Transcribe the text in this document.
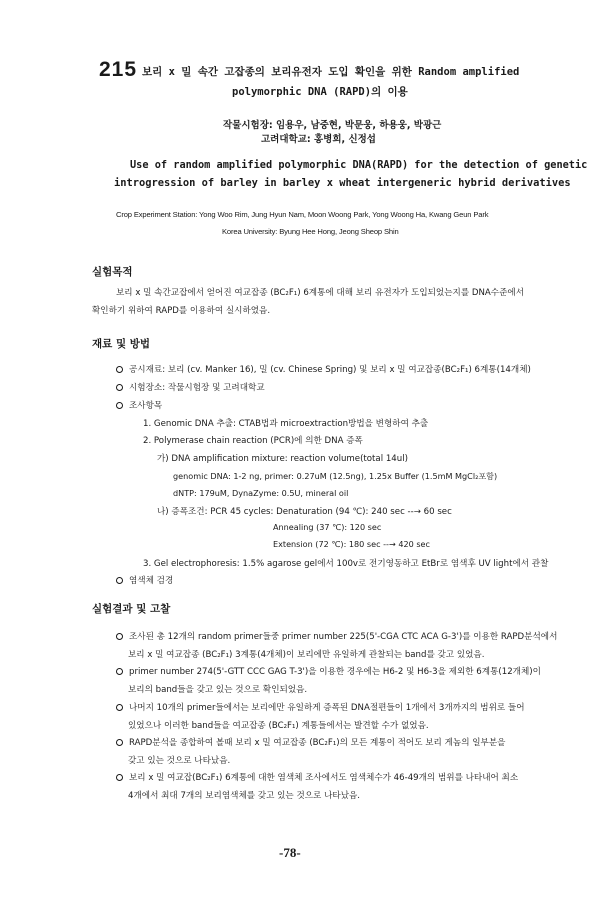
215 보리 x 밀 속간 고잡종의 보리유전자 도입 확인을 위한 Random amplified
polymorphic DNA (RAPD)의 이용
작물시험장: 임용우, 남중현, 박문웅, 하용웅, 박광근
고려대학교: 홍병희, 신정섭
Use of random amplified polymorphic DNA(RAPD) for the detection of genetic
introgression of barley in barley x wheat intergeneric hybrid derivatives
Crop Experiment Station: Yong Woo Rim, Jung Hyun Nam, Moon Woong Park, Yong Woong Ha, Kwang Geun Park
Korea University: Byung Hee Hong, Jeong Sheop Shin
실험목적
보리 x 밀 속간교잡에서 얻어진 여교잡종 (BC₂F₁) 6계통에 대해 보리 유전자가 도입되었는지를 DNA수준에서
확인하기 위하여 RAPD를 이용하여 실시하였음.
재료 및 방법
공시재료: 보리 (cv. Manker 16), 밀 (cv. Chinese Spring) 및 보리 x 밀 여교잡종(BC₂F₁) 6계통(14개체)
시험장소: 작물시험장 및 고려대학교
조사항목
1. Genomic DNA 추출: CTAB법과 microextraction방법을 변형하여 추출
2. Polymerase chain reaction (PCR)에 의한 DNA 증폭
가) DNA amplification mixture: reaction volume(total 14ul)
genomic DNA: 1-2 ng, primer: 0.27uM (12.5ng), 1.25x Buffer (1.5mM MgCl₂포함)
dNTP: 179uM, DynaZyme: 0.5U, mineral oil
나) 증폭조건: PCR 45 cycles: Denaturation (94 ℃): 240 sec --→ 60 sec
Annealing (37 ℃): 120 sec
Extension (72 ℃): 180 sec --→ 420 sec
3. Gel electrophoresis: 1.5% agarose gel에서 100v로 전기영동하고 EtBr로 염색후 UV light에서 관찰
염색체 검경
실험결과 및 고찰
조사된 총 12개의 random primer들중 primer number 225(5'-CGA CTC ACA G-3')를 이용한 RAPD분석에서
보리 x 밀 여교잡종 (BC₂F₁) 3계통(4개체)이 보리에만 유일하게 관찰되는 band를 갖고 있었음.
primer number 274(5'-GTT CCC GAG T-3')을 이용한 경우에는 H6-2 및 H6-3을 제외한 6계통(12개체)이
보리의 band들을 갖고 있는 것으로 확인되었음.
나머지 10개의 primer들에서는 보리에만 유일하게 증폭된 DNA절편들이 1개에서 3개까지의 범위로 들어
있었으나 이러한 band들을 여교잡종 (BC₂F₁) 계통들에서는 발견할 수가 없었음.
RAPD분석을 종합하여 볼때 보리 x 밀 여교잡종 (BC₂F₁)의 모든 계통이 적어도 보리 게놈의 일부분을
갖고 있는 것으로 나타났음.
보리 x 밀 여교잡(BC₂F₁) 6계통에 대한 염색체 조사에서도 염색체수가 46-49개의 범위를 나타내어 최소
4개에서 최대 7개의 보리염색체를 갖고 있는 것으로 나타났음.
-78-
